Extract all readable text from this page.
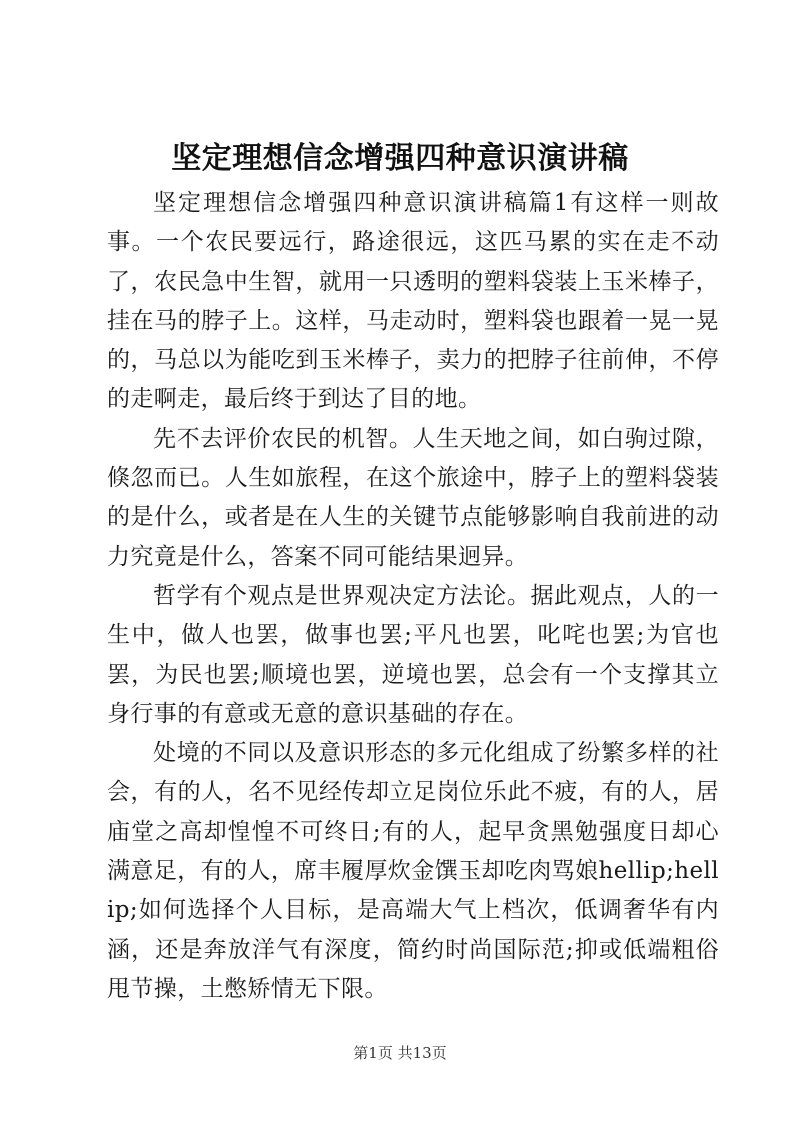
坚定理想信念增强四种意识演讲稿

坚定理想信念增强四种意识演讲稿篇1有这样一则故事。一个农民要远行，路途很远，这匹马累的实在走不动了，农民急中生智，就用一只透明的塑料袋装上玉米棒子，挂在马的脖子上。这样，马走动时，塑料袋也跟着一晃一晃的，马总以为能吃到玉米棒子，卖力的把脖子往前伸，不停的走啊走，最后终于到达了目的地。

先不去评价农民的机智。人生天地之间，如白驹过隙，倏忽而已。人生如旅程，在这个旅途中，脖子上的塑料袋装的是什么，或者是在人生的关键节点能够影响自我前进的动力究竟是什么，答案不同可能结果迥异。

哲学有个观点是世界观决定方法论。据此观点，人的一生中，做人也罢，做事也罢;平凡也罢，叱咤也罢;为官也罢，为民也罢;顺境也罢，逆境也罢，总会有一个支撑其立身行事的有意或无意的意识基础的存在。

处境的不同以及意识形态的多元化组成了纷繁多样的社会，有的人，名不见经传却立足岗位乐此不疲，有的人，居庙堂之高却惶惶不可终日;有的人，起早贪黑勉强度日却心满意足，有的人，席丰履厚炊金馔玉却吃肉骂娘hellip;hellip;如何选择个人目标，是高端大气上档次，低调奢华有内涵，还是奔放洋气有深度，简约时尚国际范;抑或低端粗俗甩节操，土憋矫情无下限。

第1页 共13页
